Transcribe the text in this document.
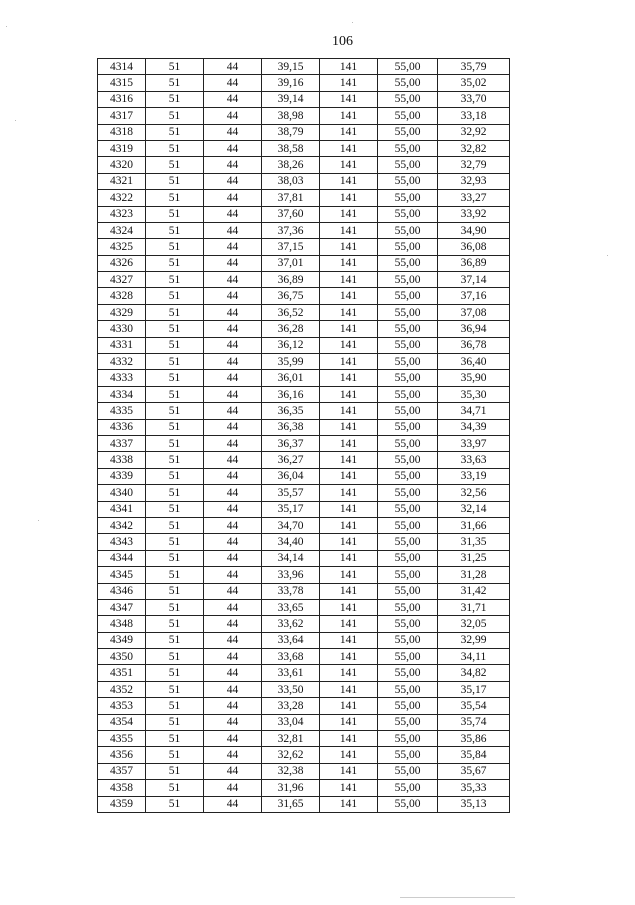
106
4314	51	44	39,15	141	55,00	35,79
4315	51	44	39,16	141	55,00	35,02
4316	51	44	39,14	141	55,00	33,70
4317	51	44	38,98	141	55,00	33,18
4318	51	44	38,79	141	55,00	32,92
4319	51	44	38,58	141	55,00	32,82
4320	51	44	38,26	141	55,00	32,79
4321	51	44	38,03	141	55,00	32,93
4322	51	44	37,81	141	55,00	33,27
4323	51	44	37,60	141	55,00	33,92
4324	51	44	37,36	141	55,00	34,90
4325	51	44	37,15	141	55,00	36,08
4326	51	44	37,01	141	55,00	36,89
4327	51	44	36,89	141	55,00	37,14
4328	51	44	36,75	141	55,00	37,16
4329	51	44	36,52	141	55,00	37,08
4330	51	44	36,28	141	55,00	36,94
4331	51	44	36,12	141	55,00	36,78
4332	51	44	35,99	141	55,00	36,40
4333	51	44	36,01	141	55,00	35,90
4334	51	44	36,16	141	55,00	35,30
4335	51	44	36,35	141	55,00	34,71
4336	51	44	36,38	141	55,00	34,39
4337	51	44	36,37	141	55,00	33,97
4338	51	44	36,27	141	55,00	33,63
4339	51	44	36,04	141	55,00	33,19
4340	51	44	35,57	141	55,00	32,56
4341	51	44	35,17	141	55,00	32,14
4342	51	44	34,70	141	55,00	31,66
4343	51	44	34,40	141	55,00	31,35
4344	51	44	34,14	141	55,00	31,25
4345	51	44	33,96	141	55,00	31,28
4346	51	44	33,78	141	55,00	31,42
4347	51	44	33,65	141	55,00	31,71
4348	51	44	33,62	141	55,00	32,05
4349	51	44	33,64	141	55,00	32,99
4350	51	44	33,68	141	55,00	34,11
4351	51	44	33,61	141	55,00	34,82
4352	51	44	33,50	141	55,00	35,17
4353	51	44	33,28	141	55,00	35,54
4354	51	44	33,04	141	55,00	35,74
4355	51	44	32,81	141	55,00	35,86
4356	51	44	32,62	141	55,00	35,84
4357	51	44	32,38	141	55,00	35,67
4358	51	44	31,96	141	55,00	35,33
4359	51	44	31,65	141	55,00	35,13
